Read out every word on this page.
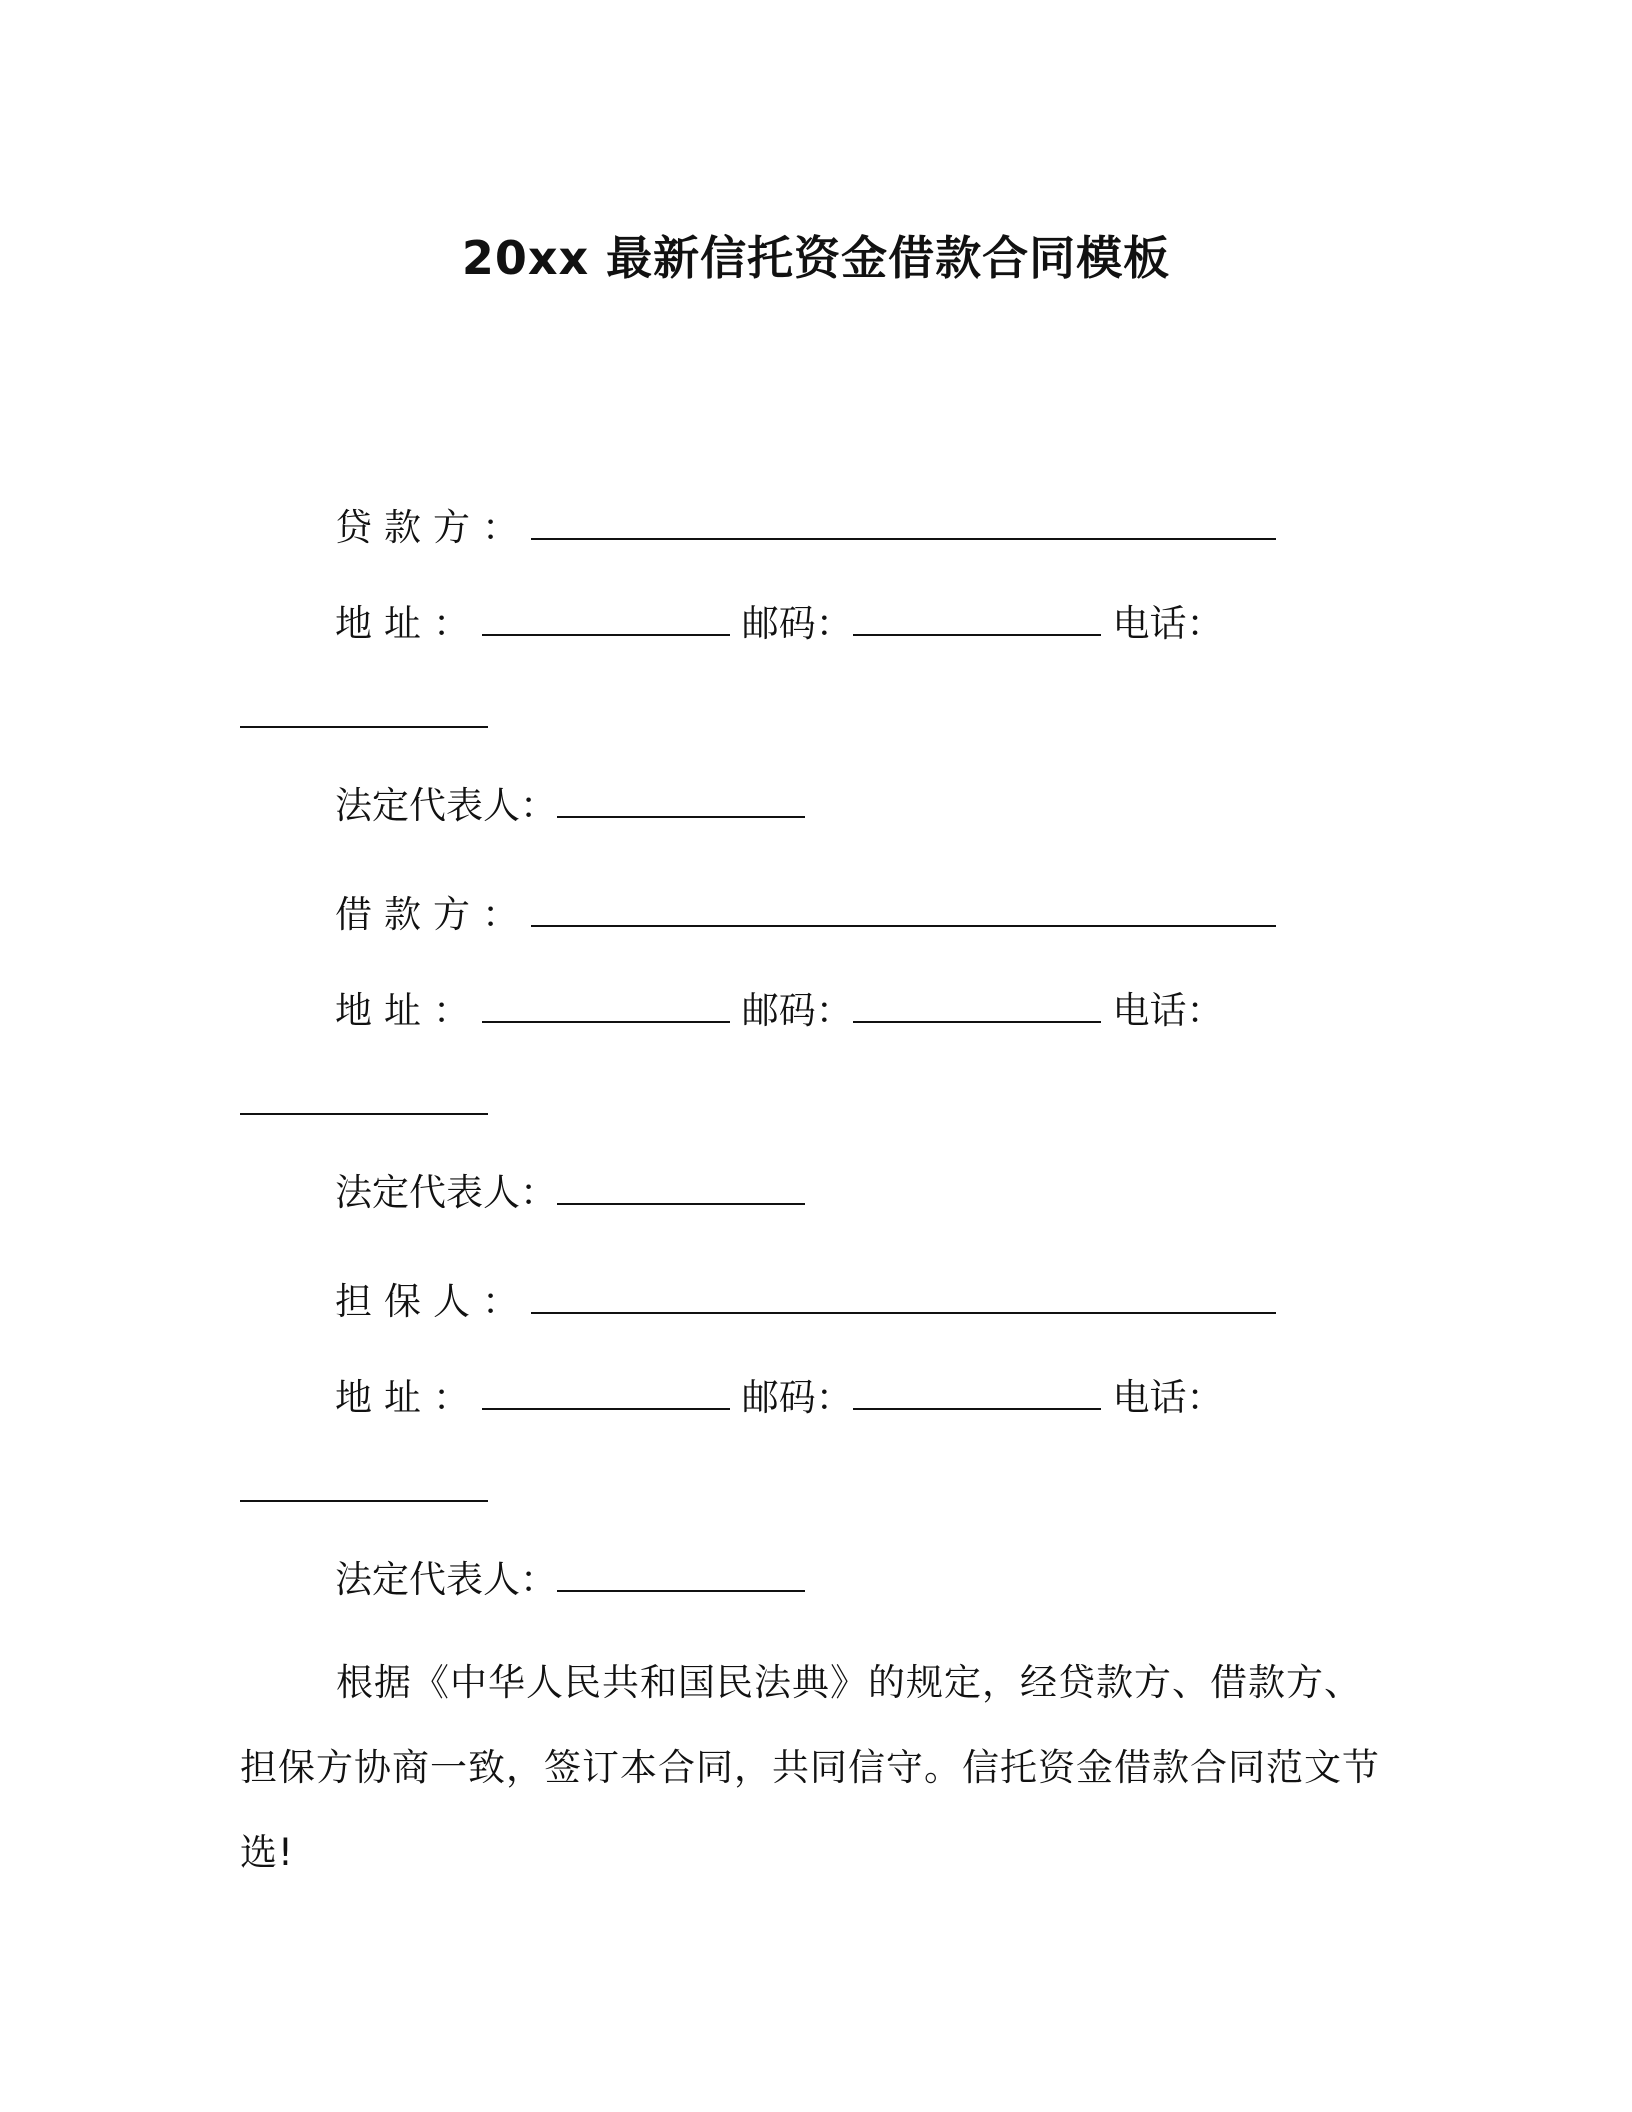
20xx 最新信托资金借款合同模板
贷款方：
地址：	邮码：	电话：
法定代表人：
借款方：
地址：	邮码：	电话：
法定代表人：
担保人：
地址：	邮码：	电话：
法定代表人：
根据《中华人民共和国民法典》的规定，经贷款方、借款方、担保方协商一致，签订本合同，共同信守。信托资金借款合同范文节选!
